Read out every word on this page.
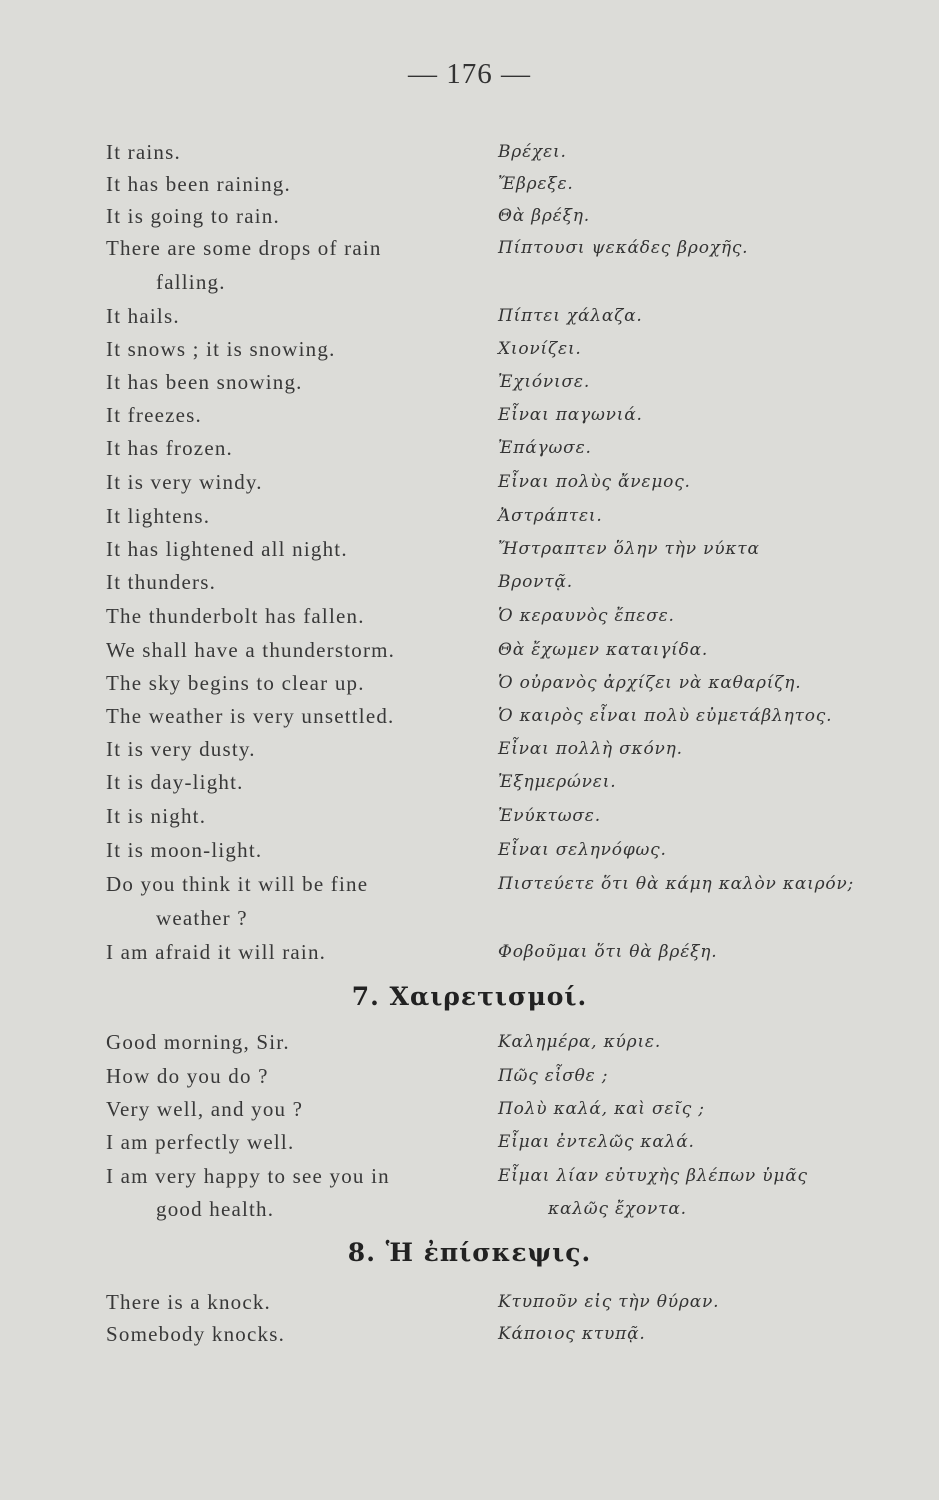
— 176 —
It rains.	Βρέχει.
It has been raining.	Ἔβρεξε.
It is going to rain.	Θὰ βρέξη.
There are some drops of rain	Πίπτουσι ψεκάδες βροχῆς.
falling.
It hails.	Πίπτει χάλαζα.
It snows ; it is snowing.	Χιονίζει.
It has been snowing.	Ἐχιόνισε.
It freezes.	Εἶναι παγωνιά.
It has frozen.	Ἐπάγωσε.
It is very windy.	Εἶναι πολὺς ἄνεμος.
It lightens.	Ἀστράπτει.
It has lightened all night.	Ἤστραπτεν ὅλην τὴν νύκτα
It thunders.	Βροντᾷ.
The thunderbolt has fallen.	Ὁ κεραυνὸς ἔπεσε.
We shall have a thunderstorm.	Θὰ ἔχωμεν καταιγίδα.
The sky begins to clear up.	Ὁ οὐρανὸς ἀρχίζει νὰ καθαρίζη.
The weather is very unsettled.	Ὁ καιρὸς εἶναι πολὺ εὐμετάβλητος.
It is very dusty.	Εἶναι πολλὴ σκόνη.
It is day-light.	Ἐξημερώνει.
It is night.	Ἐνύκτωσε.
It is moon-light.	Εἶναι σεληνόφως.
Do you think it will be fine	Πιστεύετε ὅτι θὰ κάμη καλὸν καιρόν;
weather ?
I am afraid it will rain.	Φοβοῦμαι ὅτι θὰ βρέξη.
7. Χαιρετισμοί.
Good morning, Sir.	Καλημέρα, κύριε.
How do you do ?	Πῶς εἶσθε ;
Very well, and you ?	Πολὺ καλά, καὶ σεῖς ;
I am perfectly well.	Εἶμαι ἐντελῶς καλά.
I am very happy to see you in	Εἶμαι λίαν εὐτυχὴς βλέπων ὑμᾶς
good health.	καλῶς ἔχοντα.
8. Ἡ ἐπίσκεψις.
There is a knock.	Κτυποῦν εἰς τὴν θύραν.
Somebody knocks.	Κάποιος κτυπᾷ.
